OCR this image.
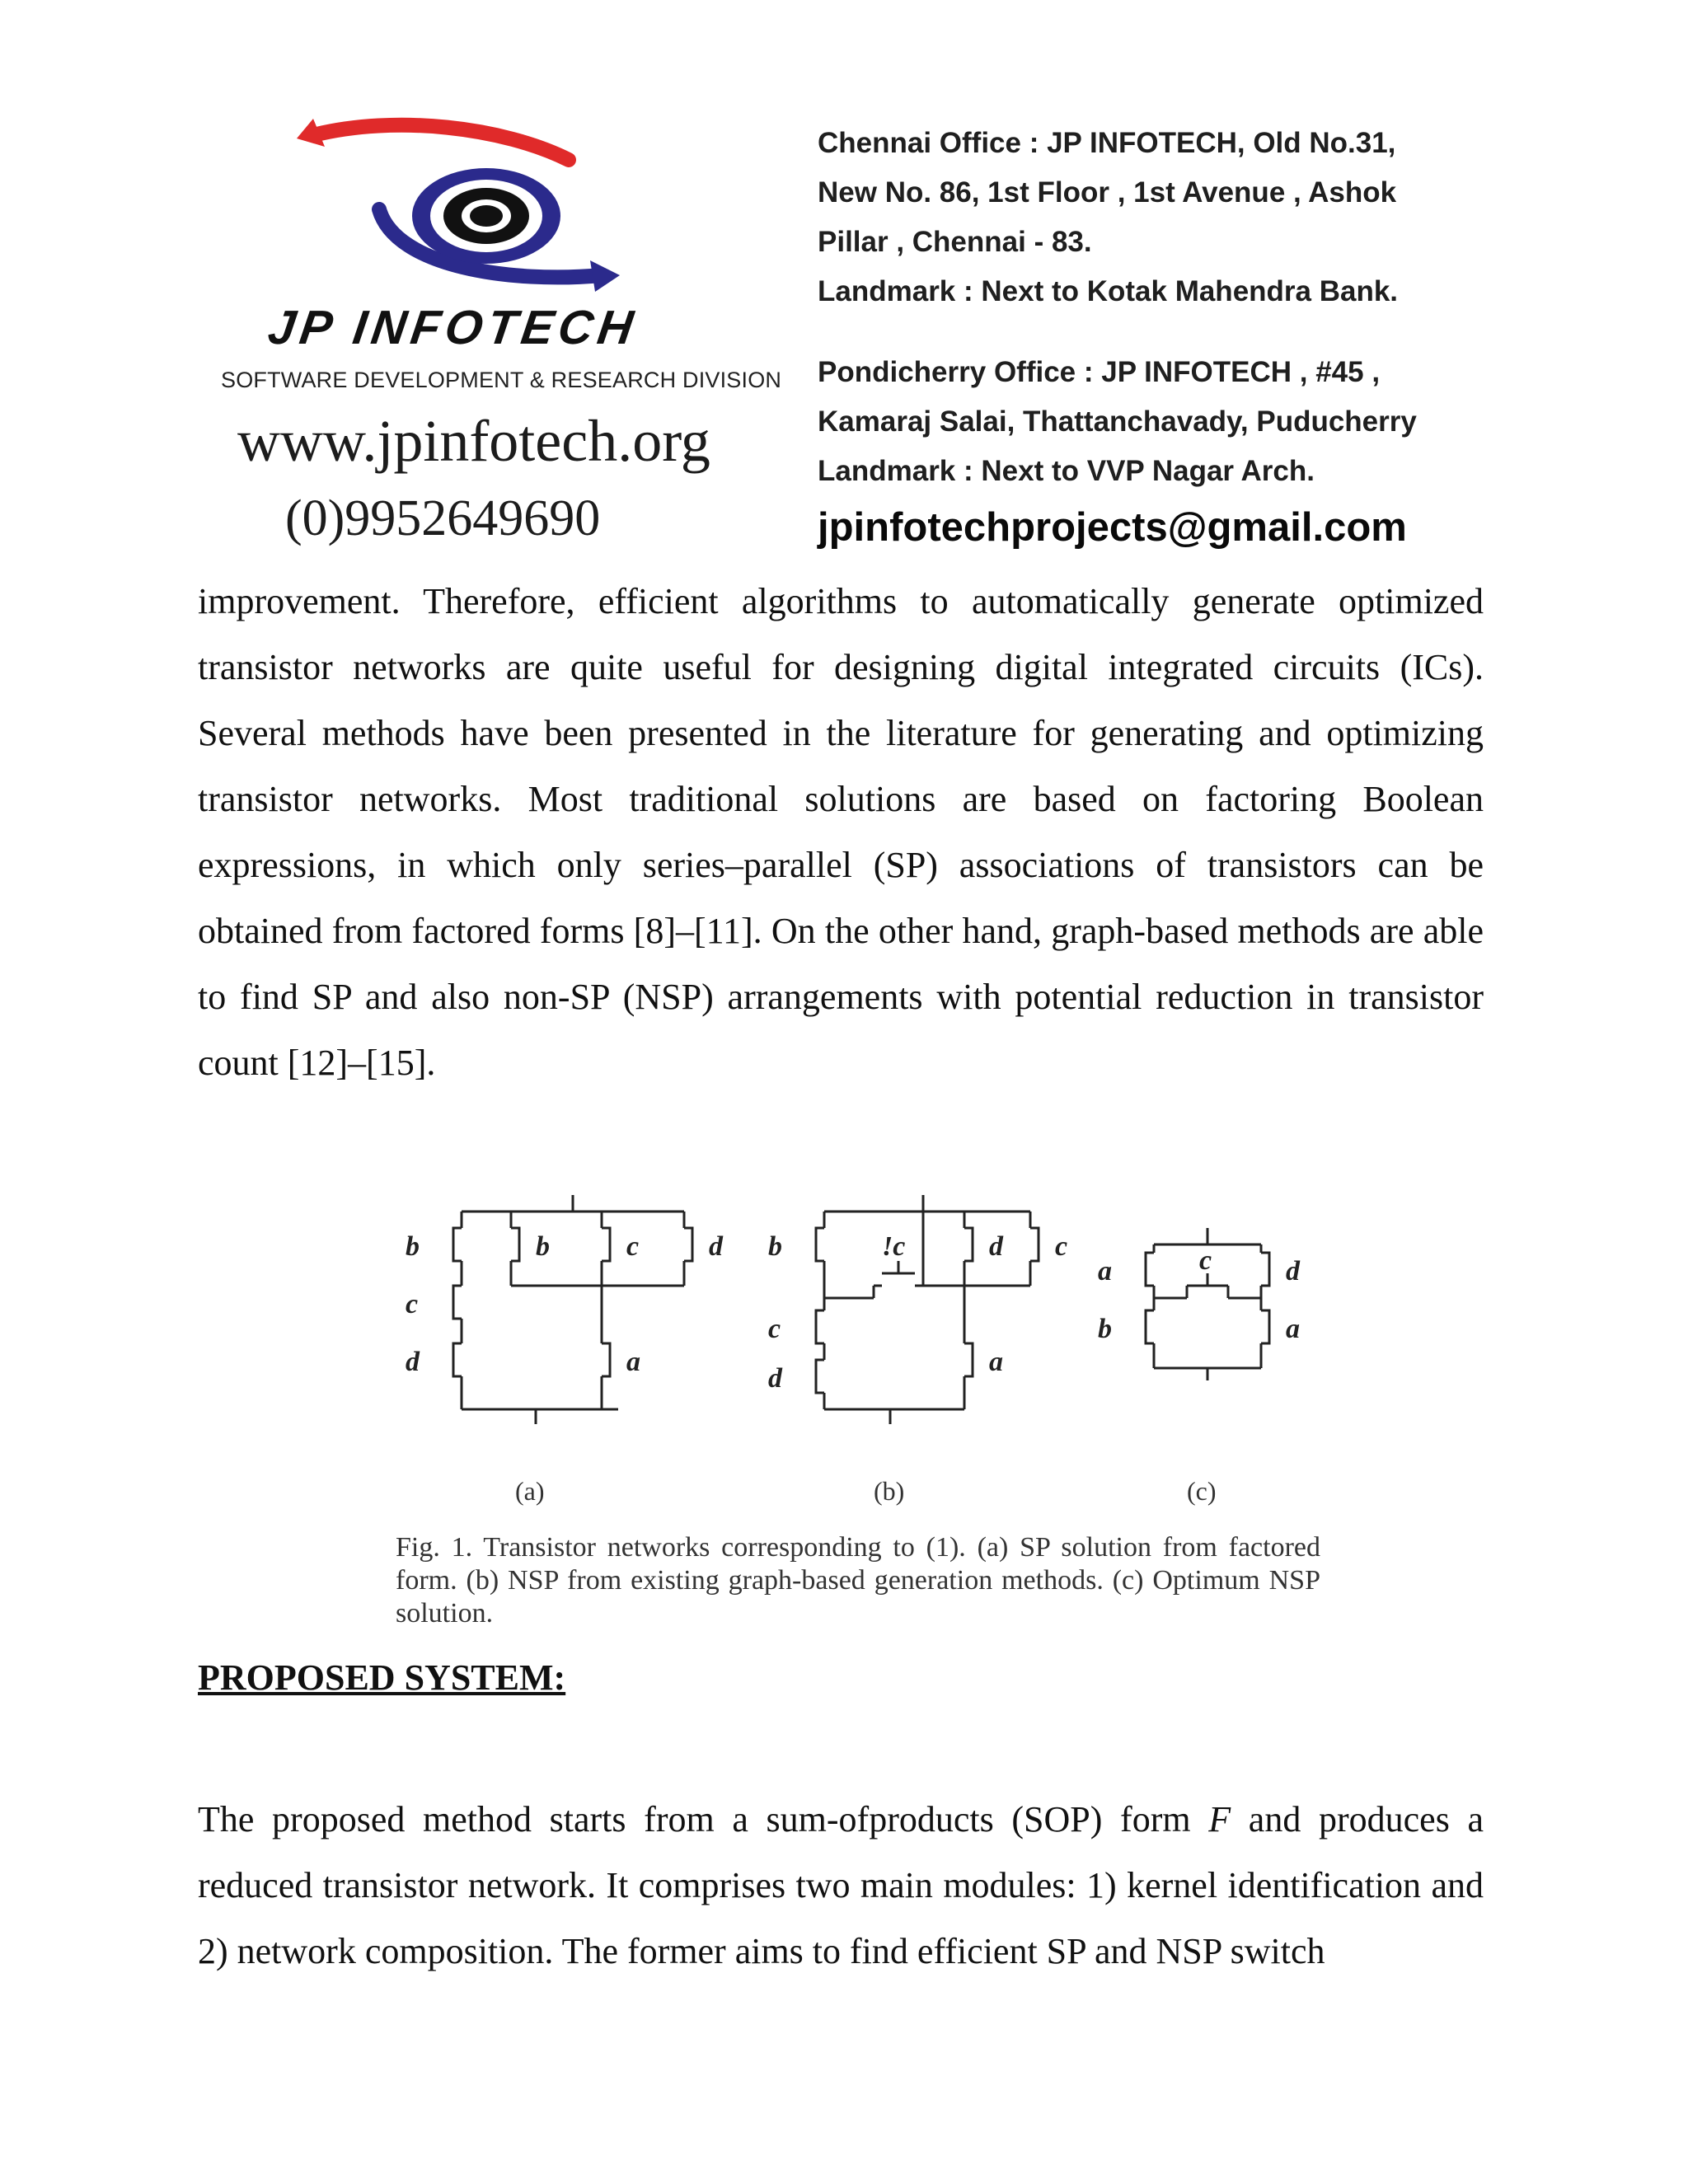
JP INFOTECH
SOFTWARE DEVELOPMENT & RESEARCH DIVISION
www.jpinfotech.org
(0)9952649690
Chennai Office : JP INFOTECH, Old No.31,
New No. 86, 1st Floor , 1st Avenue , Ashok
Pillar , Chennai - 83.
Landmark : Next to Kotak Mahendra Bank.
Pondicherry Office : JP INFOTECH , #45 ,
Kamaraj Salai, Thattanchavady, Puducherry
Landmark : Next to VVP Nagar Arch.
jpinfotechprojects@gmail.com
improvement. Therefore, efficient algorithms to automatically generate optimized transistor networks are quite useful for designing digital integrated circuits (ICs). Several methods have been presented in the literature for generating and optimizing transistor networks. Most traditional solutions are based on factoring Boolean expressions, in which only series–parallel (SP) associations of transistors can be obtained from factored forms [8]–[11]. On the other hand, graph-based methods are able to find SP and also non-SP (NSP) arrangements with potential reduction in transistor count [12]–[15].
b
c
d
b	c d
a
b
c
d
!c	d c
a
a
b
c	d
a
(a)	(b)	(c)
Fig. 1. Transistor networks corresponding to (1). (a) SP solution from factored form. (b) NSP from existing graph-based generation methods. (c) Optimum NSP solution.
PROPOSED SYSTEM:
The proposed method starts from a sum-ofproducts (SOP) form F and produces a reduced transistor network. It comprises two main modules: 1) kernel identification and 2) network composition. The former aims to find efficient SP and NSP switch
